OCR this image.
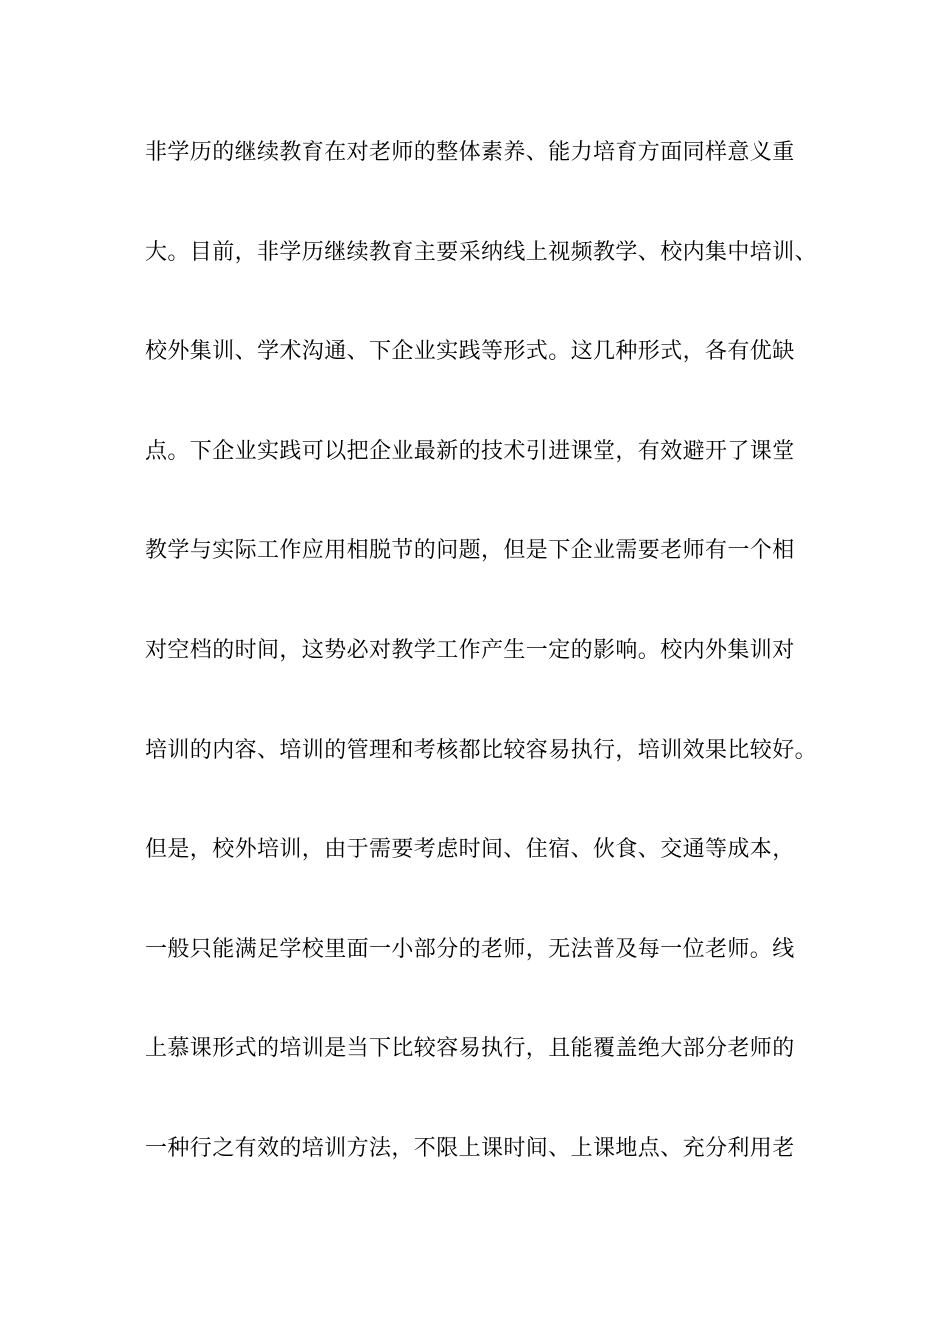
非学历的继续教育在对老师的整体素养、能力培育方面同样意义重
大。目前，非学历继续教育主要采纳线上视频教学、校内集中培训、
校外集训、学术沟通、下企业实践等形式。这几种形式，各有优缺
点。下企业实践可以把企业最新的技术引进课堂，有效避开了课堂
教学与实际工作应用相脱节的问题，但是下企业需要老师有一个相
对空档的时间，这势必对教学工作产生一定的影响。校内外集训对
培训的内容、培训的管理和考核都比较容易执行，培训效果比较好。
但是，校外培训，由于需要考虑时间、住宿、伙食、交通等成本，
一般只能满足学校里面一小部分的老师，无法普及每一位老师。线
上慕课形式的培训是当下比较容易执行，且能覆盖绝大部分老师的
一种行之有效的培训方法，不限上课时间、上课地点、充分利用老
